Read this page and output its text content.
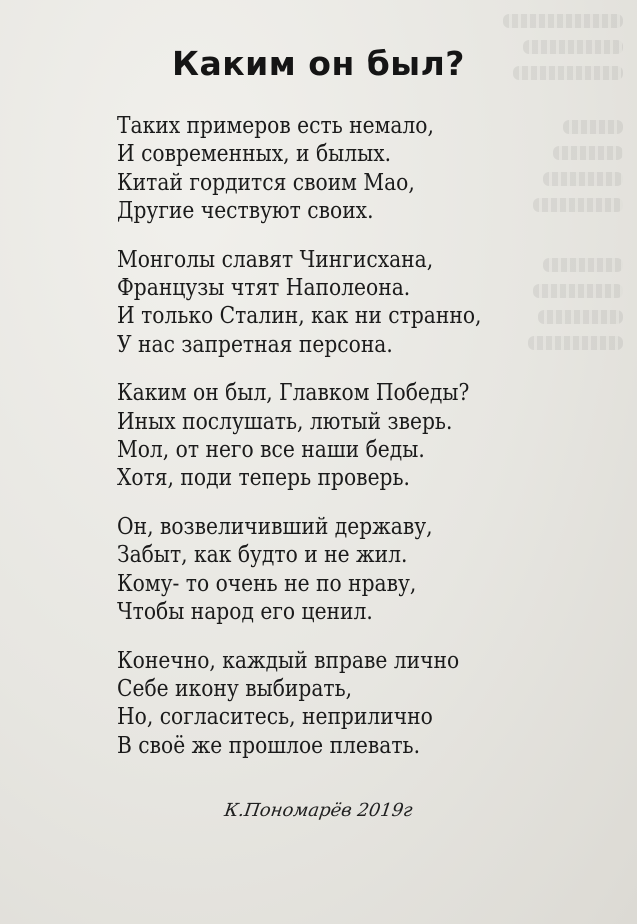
Каким он был?
Таких примеров есть немало,
И современных, и былых.
Китай гордится своим Мао,
Другие чествуют своих.
Монголы славят Чингисхана,
Французы чтят Наполеона.
И только Сталин, как ни странно,
У нас запретная персона.
Каким он был, Главком Победы?
Иных послушать, лютый зверь.
Мол, от него все наши беды.
Хотя, поди теперь проверь.
Он, возвеличивший державу,
Забыт, как будто и не жил.
Кому- то очень не по нраву,
Чтобы народ его ценил.
Конечно, каждый вправе лично
Себе икону выбирать,
Но, согласитесь, неприлично
В своё же прошлое плевать.
К.Пономарёв 2019г
